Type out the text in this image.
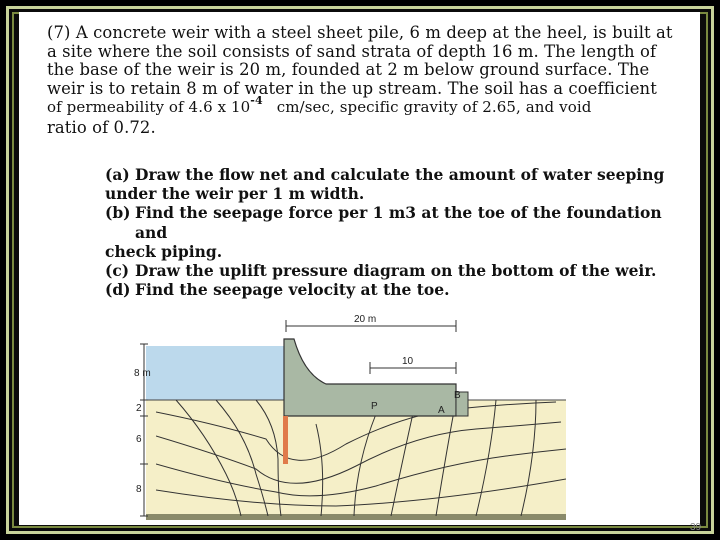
(7) A concrete weir with a steel sheet pile, 6 m deep at the heel, is built at
a site where the soil consists of sand strata of depth 16 m. The length of
the base of the weir is 20 m, founded at 2 m below ground surface. The
weir is to retain 8 m of water in the up stream. The soil has a coefficient
of permeability of 4.6 x $10^{-4}$ cm/sec, specific gravity of 2.65, and void
ratio of 0.72.
(a) Draw the flow net and calculate the amount of water seeping
under the weir per 1 m width.
(b) Find the seepage force per 1 m3 at the toe of the foundation and
check piping.
(c) Draw the uplift pressure diagram on the bottom of the weir.
(d) Find the seepage velocity at the toe.
8 m
2
6
8
20 m
10
P	A
B
39
